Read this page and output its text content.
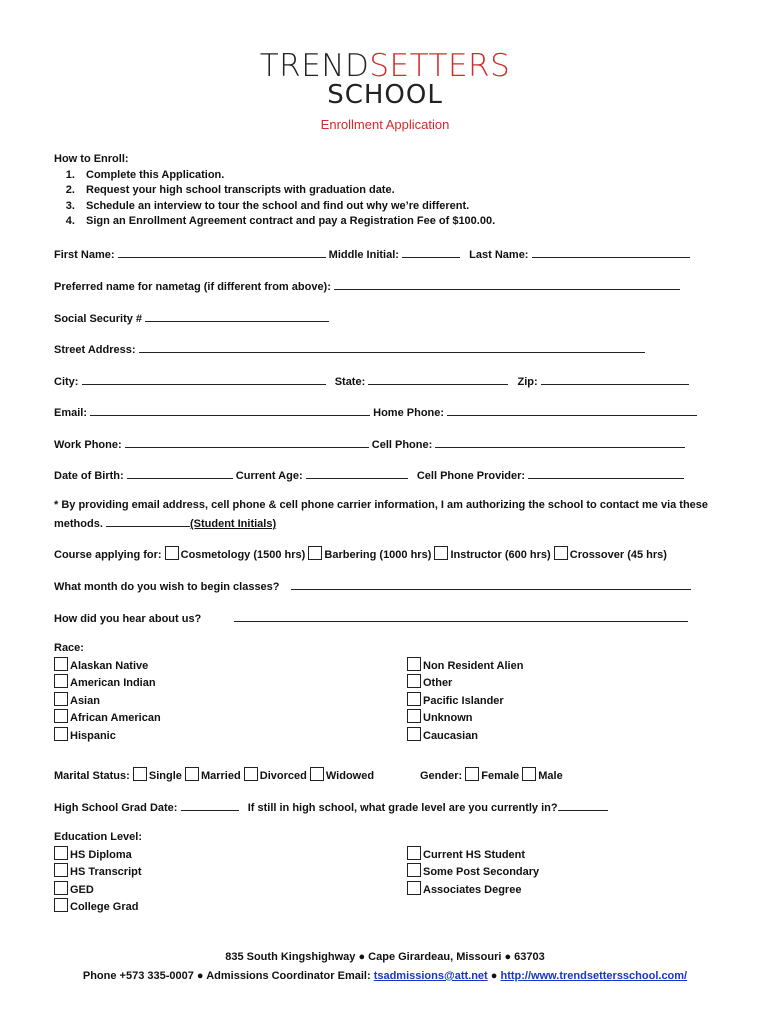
TRENDSETTERS
SCHOOL
Enrollment Application
How to Enroll:
1. Complete this Application.
2. Request your high school transcripts with graduation date.
3. Schedule an interview to tour the school and find out why we’re different.
4. Sign an Enrollment Agreement contract and pay a Registration Fee of $100.00.
First Name:	Middle Initial:	Last Name:
Preferred name for nametag (if different from above):
Social Security #
Street Address:
City:	State:	Zip:
Email:	Home Phone:
Work Phone:	Cell Phone:
Date of Birth:	Current Age:	Cell Phone Provider:
* By providing email address, cell phone & cell phone carrier information, I am authorizing the school to contact me via these
methods.	(Student Initials)
Course applying for: Cosmetology (1500 hrs) Barbering (1000 hrs) Instructor (600 hrs) Crossover (45 hrs)
What month do you wish to begin classes?
How did you hear about us?
Race:
Alaskan Native
American Indian
Asian
African American
Hispanic
Non Resident Alien
Other
Pacific Islander
Unknown
Caucasian
Marital Status: Single Married Divorced Widowed	Gender: Female Male
High School Grad Date:	If still in high school, what grade level are you currently in?
Education Level:
HS Diploma
HS Transcript
GED
College Grad
Current HS Student
Some Post Secondary
Associates Degree
835 South Kingshighway ● Cape Girardeau, Missouri ● 63703
Phone +573 335-0007 ● Admissions Coordinator Email: tsadmissions@att.net ● http://www.trendsettersschool.com/
